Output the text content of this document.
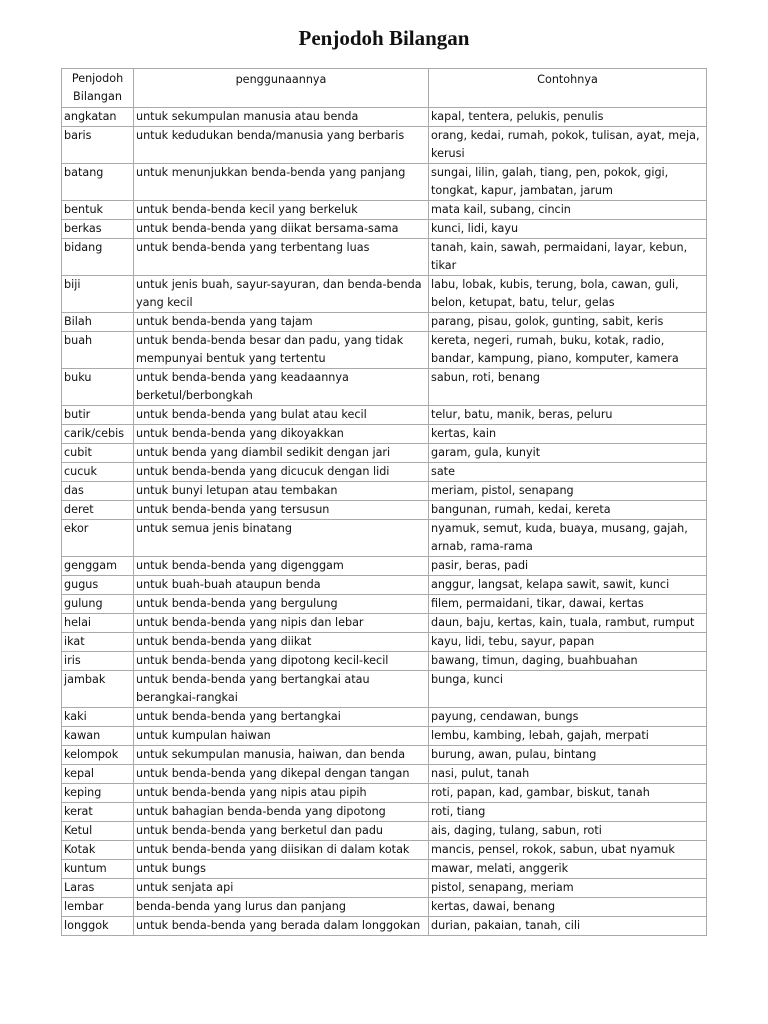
Penjodoh Bilangan
Penjodoh Bilangan	penggunaannya	Contohnya
angkatan	untuk sekumpulan manusia atau benda	kapal, tentera, pelukis, penulis
baris	untuk kedudukan benda/manusia yang berbaris	orang, kedai, rumah, pokok, tulisan, ayat, meja, kerusi
batang	untuk menunjukkan benda-benda yang panjang	sungai, lilin, galah, tiang, pen, pokok, gigi, tongkat, kapur, jambatan, jarum
bentuk	untuk benda-benda kecil yang berkeluk	mata kail, subang, cincin
berkas	untuk benda-benda yang diikat bersama-sama	kunci, lidi, kayu
bidang	untuk benda-benda yang terbentang luas	tanah, kain, sawah, permaidani, layar, kebun, tikar
biji	untuk jenis buah, sayur-sayuran, dan benda-benda yang kecil	labu, lobak, kubis, terung, bola, cawan, guli, belon, ketupat, batu, telur, gelas
Bilah	untuk benda-benda yang tajam	parang, pisau, golok, gunting, sabit, keris
buah	untuk benda-benda besar dan padu, yang tidak mempunyai bentuk yang tertentu	kereta, negeri, rumah, buku, kotak, radio, bandar, kampung, piano, komputer, kamera
buku	untuk benda-benda yang keadaannya berketul/berbongkah	sabun, roti, benang
butir	untuk benda-benda yang bulat atau kecil	telur, batu, manik, beras, peluru
carik/cebis	untuk benda-benda yang dikoyakkan	kertas, kain
cubit	untuk benda yang diambil sedikit dengan jari	garam, gula, kunyit
cucuk	untuk benda-benda yang dicucuk dengan lidi	sate
das	untuk bunyi letupan atau tembakan	meriam, pistol, senapang
deret	untuk benda-benda yang tersusun	bangunan, rumah, kedai, kereta
ekor	untuk semua jenis binatang	nyamuk, semut, kuda, buaya, musang, gajah, arnab, rama-rama
genggam	untuk benda-benda yang digenggam	pasir, beras, padi
gugus	untuk buah-buah ataupun benda	anggur, langsat, kelapa sawit, sawit, kunci
gulung	untuk benda-benda yang bergulung	filem, permaidani, tikar, dawai, kertas
helai	untuk benda-benda yang nipis dan lebar	daun, baju, kertas, kain, tuala, rambut, rumput
ikat	untuk benda-benda yang diikat	kayu, lidi, tebu, sayur, papan
iris	untuk benda-benda yang dipotong kecil-kecil	bawang, timun, daging, buahbuahan
jambak	untuk benda-benda yang bertangkai atau berangkai-rangkai	bunga, kunci
kaki	untuk benda-benda yang bertangkai	payung, cendawan, bungs
kawan	untuk kumpulan haiwan	lembu, kambing, lebah, gajah, merpati
kelompok	untuk sekumpulan manusia, haiwan, dan benda	burung, awan, pulau, bintang
kepal	untuk benda-benda yang dikepal dengan tangan	nasi, pulut, tanah
keping	untuk benda-benda yang nipis atau pipih	roti, papan, kad, gambar, biskut, tanah
kerat	untuk bahagian benda-benda yang dipotong	roti, tiang
Ketul	untuk benda-benda yang berketul dan padu	ais, daging, tulang, sabun, roti
Kotak	untuk benda-benda yang diisikan di dalam kotak	mancis, pensel, rokok, sabun, ubat nyamuk
kuntum	untuk bungs	mawar, melati, anggerik
Laras	untuk senjata api	pistol, senapang, meriam
lembar	benda-benda yang lurus dan panjang	kertas, dawai, benang
longgok	untuk benda-benda yang berada dalam longgokan	durian, pakaian, tanah, cili
